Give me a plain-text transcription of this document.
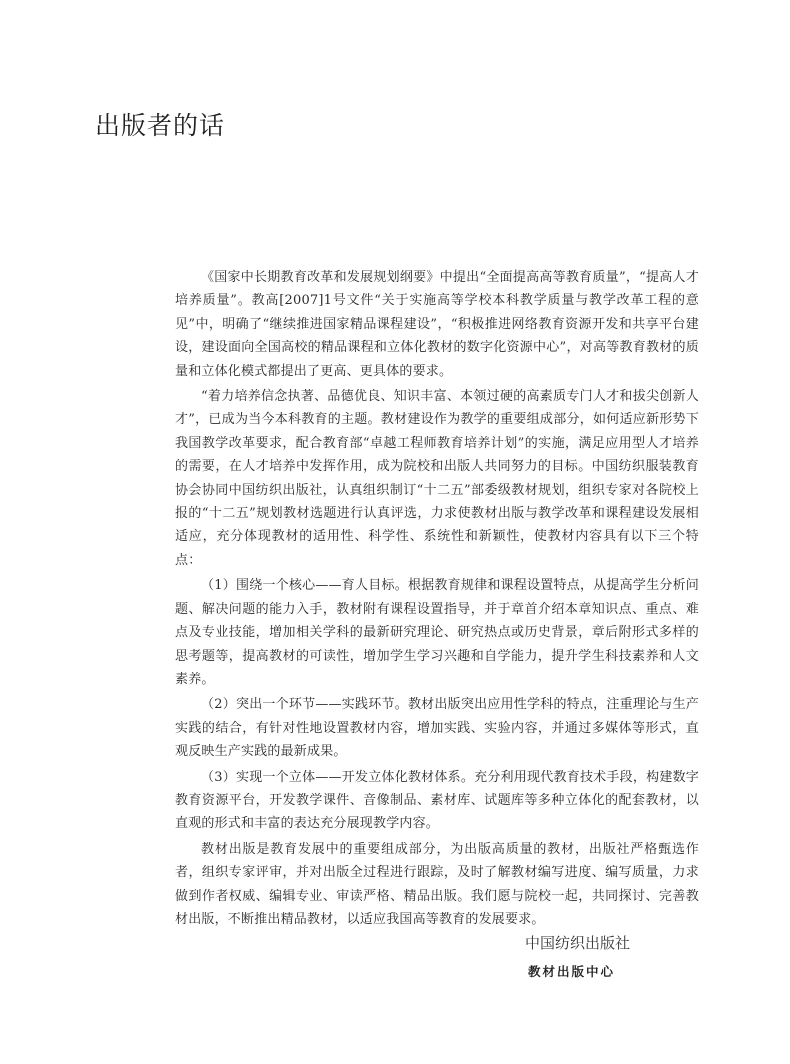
出版者的话

《国家中长期教育改革和发展规划纲要》中提出“全面提高高等教育质量”，“提高人才培养质量”。教高[2007]1号文件“关于实施高等学校本科教学质量与教学改革工程的意见”中，明确了“继续推进国家精品课程建设”，“积极推进网络教育资源开发和共享平台建设，建设面向全国高校的精品课程和立体化教材的数字化资源中心”，对高等教育教材的质量和立体化模式都提出了更高、更具体的要求。

“着力培养信念执著、品德优良、知识丰富、本领过硬的高素质专门人才和拔尖创新人才”，已成为当今本科教育的主题。教材建设作为教学的重要组成部分，如何适应新形势下我国教学改革要求，配合教育部“卓越工程师教育培养计划”的实施，满足应用型人才培养的需要，在人才培养中发挥作用，成为院校和出版人共同努力的目标。中国纺织服装教育协会协同中国纺织出版社，认真组织制订“十二五”部委级教材规划，组织专家对各院校上报的“十二五”规划教材选题进行认真评选，力求使教材出版与教学改革和课程建设发展相适应，充分体现教材的适用性、科学性、系统性和新颖性，使教材内容具有以下三个特点：

（1）围绕一个核心——育人目标。根据教育规律和课程设置特点，从提高学生分析问题、解决问题的能力入手，教材附有课程设置指导，并于章首介绍本章知识点、重点、难点及专业技能，增加相关学科的最新研究理论、研究热点或历史背景，章后附形式多样的思考题等，提高教材的可读性，增加学生学习兴趣和自学能力，提升学生科技素养和人文素养。

（2）突出一个环节——实践环节。教材出版突出应用性学科的特点，注重理论与生产实践的结合，有针对性地设置教材内容，增加实践、实验内容，并通过多媒体等形式，直观反映生产实践的最新成果。

（3）实现一个立体——开发立体化教材体系。充分利用现代教育技术手段，构建数字教育资源平台，开发教学课件、音像制品、素材库、试题库等多种立体化的配套教材，以直观的形式和丰富的表达充分展现教学内容。

教材出版是教育发展中的重要组成部分，为出版高质量的教材，出版社严格甄选作者，组织专家评审，并对出版全过程进行跟踪，及时了解教材编写进度、编写质量，力求做到作者权威、编辑专业、审读严格、精品出版。我们愿与院校一起，共同探讨、完善教材出版，不断推出精品教材，以适应我国高等教育的发展要求。

中国纺织出版社
教材出版中心
